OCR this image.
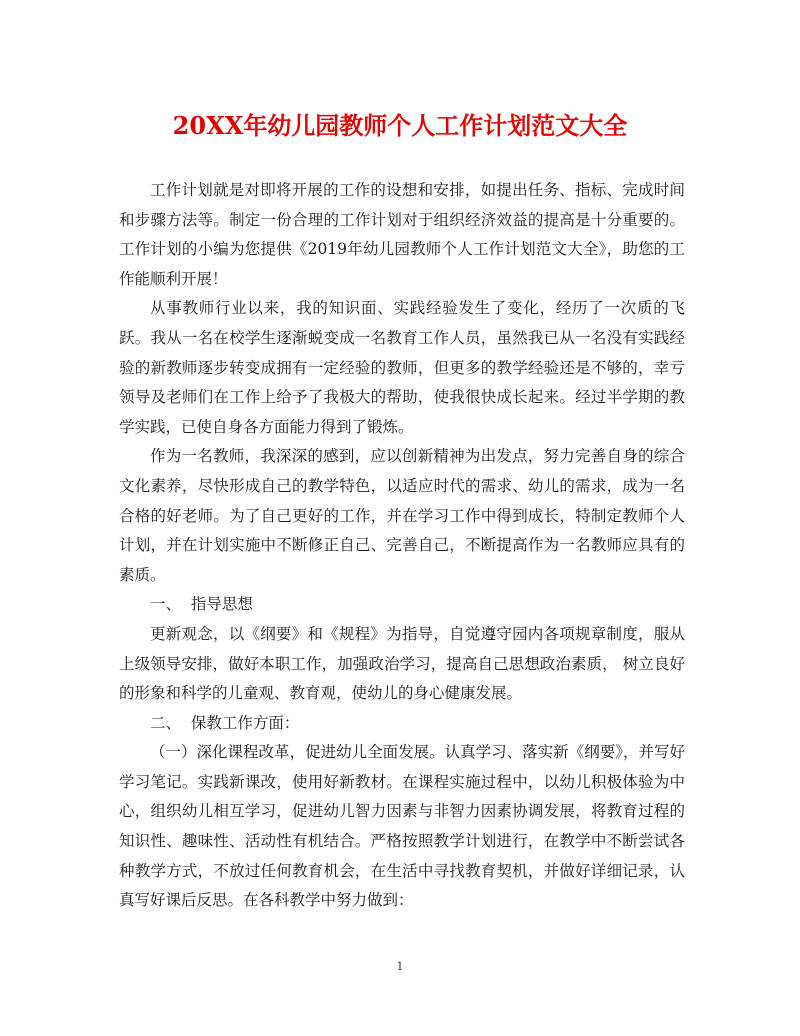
20XX年幼儿园教师个人工作计划范文大全

工作计划就是对即将开展的工作的设想和安排，如提出任务、指标、完成时间和步骤方法等。制定一份合理的工作计划对于组织经济效益的提高是十分重要的。工作计划的小编为您提供《2019年幼儿园教师个人工作计划范文大全》，助您的工作能顺利开展！

从事教师行业以来，我的知识面、实践经验发生了变化，经历了一次质的飞跃。我从一名在校学生逐渐蜕变成一名教育工作人员，虽然我已从一名没有实践经验的新教师逐步转变成拥有一定经验的教师，但更多的教学经验还是不够的，幸亏领导及老师们在工作上给予了我极大的帮助，使我很快成长起来。经过半学期的教学实践，已使自身各方面能力得到了锻炼。

作为一名教师，我深深的感到，应以创新精神为出发点，努力完善自身的综合文化素养，尽快形成自己的教学特色，以适应时代的需求、幼儿的需求，成为一名合格的好老师。为了自己更好的工作，并在学习工作中得到成长，特制定教师个人计划，并在计划实施中不断修正自己、完善自己，不断提高作为一名教师应具有的素质。

一、  指导思想

更新观念，以《纲要》和《规程》为指导，自觉遵守园内各项规章制度，服从上级领导安排，做好本职工作，加强政治学习，提高自己思想政治素质， 树立良好的形象和科学的儿童观、教育观，使幼儿的身心健康发展。

二、  保教工作方面：

（一）深化课程改革，促进幼儿全面发展。认真学习、落实新《纲要》，并写好学习笔记。实践新课改，使用好新教材。在课程实施过程中，以幼儿积极体验为中心，组织幼儿相互学习，促进幼儿智力因素与非智力因素协调发展，将教育过程的知识性、趣味性、活动性有机结合。严格按照教学计划进行，在教学中不断尝试各种教学方式，不放过任何教育机会，在生活中寻找教育契机，并做好详细记录，认真写好课后反思。在各科教学中努力做到：

1
